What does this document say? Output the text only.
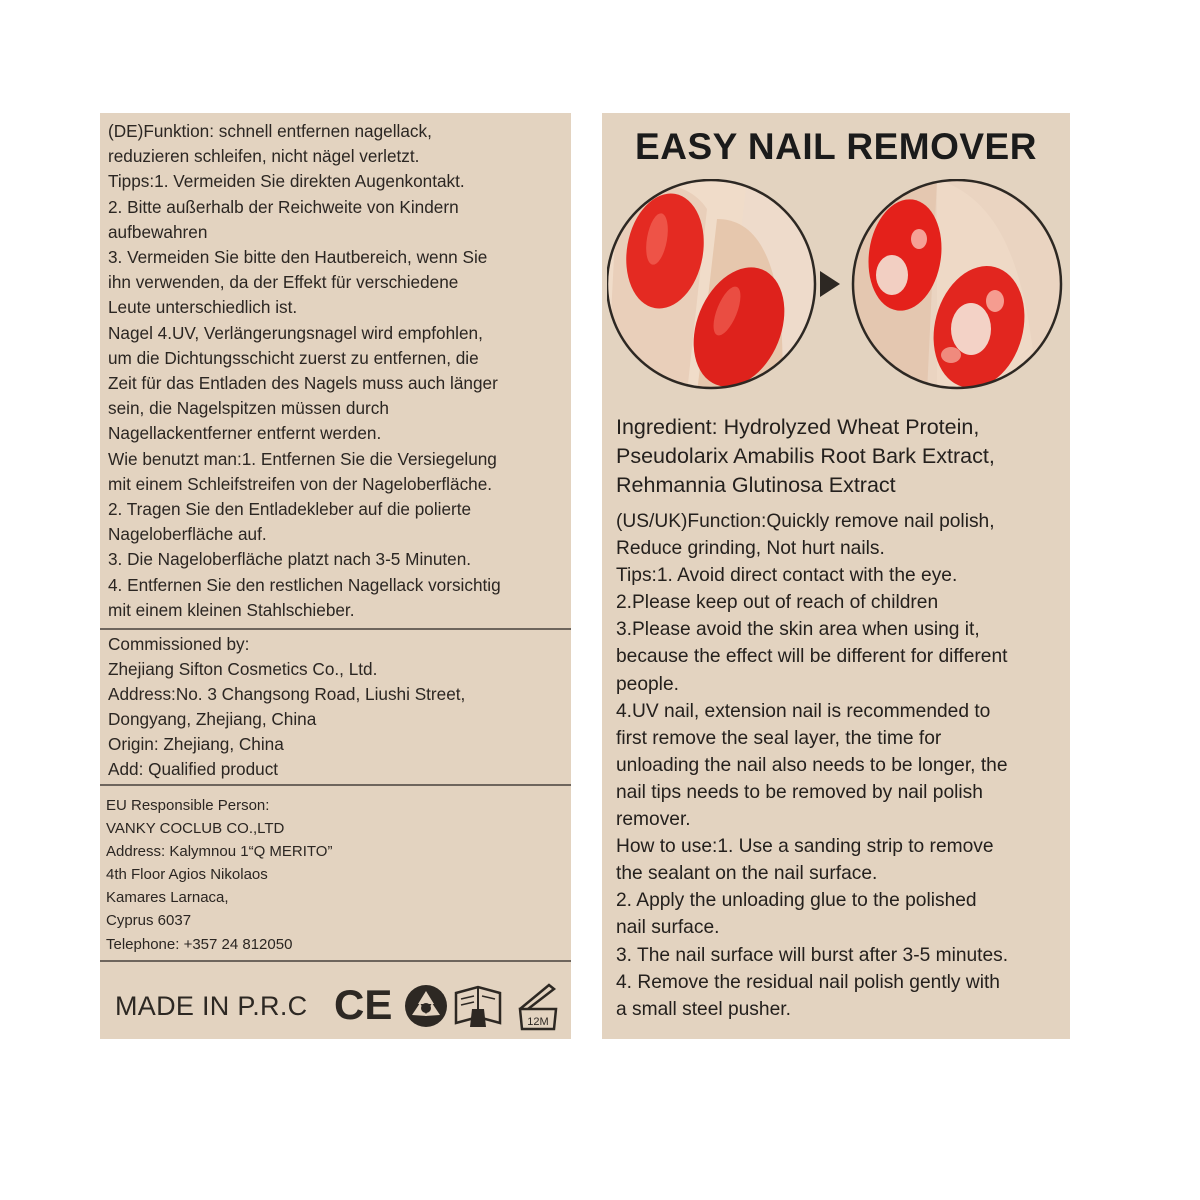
(DE)Funktion: schnell entfernen nagellack,
reduzieren schleifen, nicht nägel verletzt.
Tipps:1. Vermeiden Sie direkten Augenkontakt.
2. Bitte außerhalb der Reichweite von Kindern
aufbewahren
3. Vermeiden Sie bitte den Hautbereich, wenn Sie
ihn verwenden, da der Effekt für verschiedene
Leute unterschiedlich ist.
Nagel 4.UV, Verlängerungsnagel wird empfohlen,
um die Dichtungsschicht zuerst zu entfernen, die
Zeit für das Entladen des Nagels muss auch länger
sein, die Nagelspitzen müssen durch
Nagellackentferner entfernt werden.
Wie benutzt man:1. Entfernen Sie die Versiegelung
mit einem Schleifstreifen von der Nageloberfläche.
2. Tragen Sie den Entladekleber auf die polierte
Nageloberfläche auf.
3. Die Nageloberfläche platzt nach 3-5 Minuten.
4. Entfernen Sie den restlichen Nagellack vorsichtig
mit einem kleinen Stahlschieber.
Commissioned by:
Zhejiang Sifton Cosmetics Co., Ltd.
Address:No. 3 Changsong Road, Liushi Street,
Dongyang, Zhejiang, China
Origin: Zhejiang, China
Add: Qualified product
EU Responsible Person:
VANKY COCLUB CO.,LTD
Address: Kalymnou 1“Q MERITO”
4th Floor Agios Nikolaos
Kamares Larnaca,
Cyprus 6037
Telephone: +357 24 812050
MADE IN P.R.C CE	12M
EASY NAIL REMOVER
Ingredient: Hydrolyzed Wheat Protein,
Pseudolarix Amabilis Root Bark Extract,
Rehmannia Glutinosa Extract
(US/UK)Function:Quickly remove nail polish,
Reduce grinding, Not hurt nails.
Tips:1. Avoid direct contact with the eye.
2.Please keep out of reach of children
3.Please avoid the skin area when using it,
because the effect will be different for different
people.
4.UV nail, extension nail is recommended to
first remove the seal layer, the time for
unloading the nail also needs to be longer, the
nail tips needs to be removed by nail polish
remover.
How to use:1. Use a sanding strip to remove
the sealant on the nail surface.
2. Apply the unloading glue to the polished
nail surface.
3. The nail surface will burst after 3-5 minutes.
4. Remove the residual nail polish gently with
a small steel pusher.
